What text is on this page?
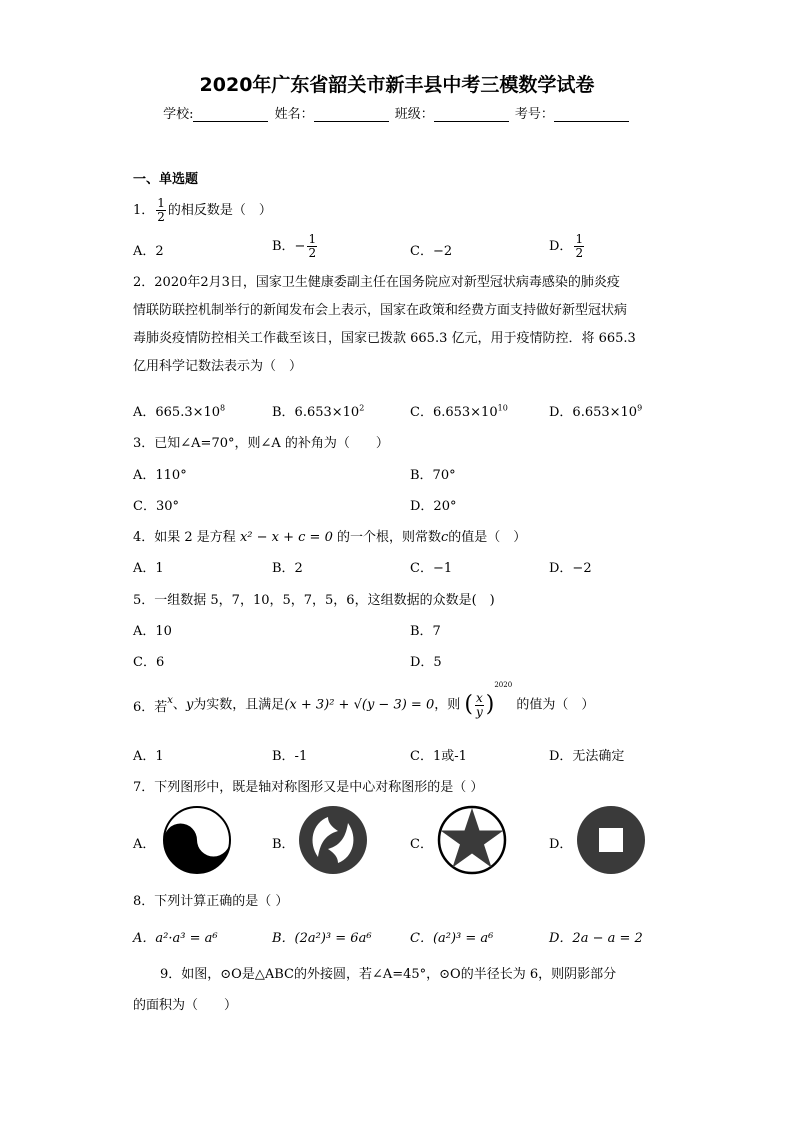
2020年广东省韶关市新丰县中考三模数学试卷
学校:	姓名：	班级：	考号：
一、单选题
1． $\frac{1}{2}$ 的相反数是（　）
A．2	B．− $\frac{1}{2}$	C．−2	D． $\frac{1}{2}$
2．2020年2月3日，国家卫生健康委副主任在国务院应对新型冠状病毒感染的肺炎疫
情联防联控机制举行的新闻发布会上表示，国家在政策和经费方面支持做好新型冠状病
毒肺炎疫情防控相关工作截至该日，国家已拨款 665.3 亿元，用于疫情防控．将 665.3
亿用科学记数法表示为（　）
A．$665.3\times 10^8$	B．$6.653\times 10^2$	C．$6.653\times 10^{10}$	D．$6.653\times 10^9$
3．已知∠A=70°，则∠A 的补角为（　　）
A．110°	B．70°
C．30°	D．20°
4．如果 2 是方程 x² − x + c = 0 的一个根，则常数c的值是（　）
A．1	B．2	C．−1	D．−2
5．一组数据 5，7，10，5，7，5，6，这组数据的众数是(　)
A．10	B．7
C．6	D．5
6．若$^x$、y为实数，且满足(x + 3)² + √(y − 3) = 0，则 ( $\frac{x}{y} )^{2020}$ 的值为（　）
A．1	B．-1	C．1或-1	D．无法确定
7．下列图形中，既是轴对称图形又是中心对称图形的是（ ）
A．	B．	C．	D．
8．下列计算正确的是（ ）
A．a²·a³ = a⁶	B．(2a²)³ = 6a⁶	C．(a²)³ = a⁶	D．2a − a = 2
9．如图，⊙O是△ABC的外接圆，若∠A=45°，⊙O的半径长为 6，则阴影部分
的面积为（　　）
